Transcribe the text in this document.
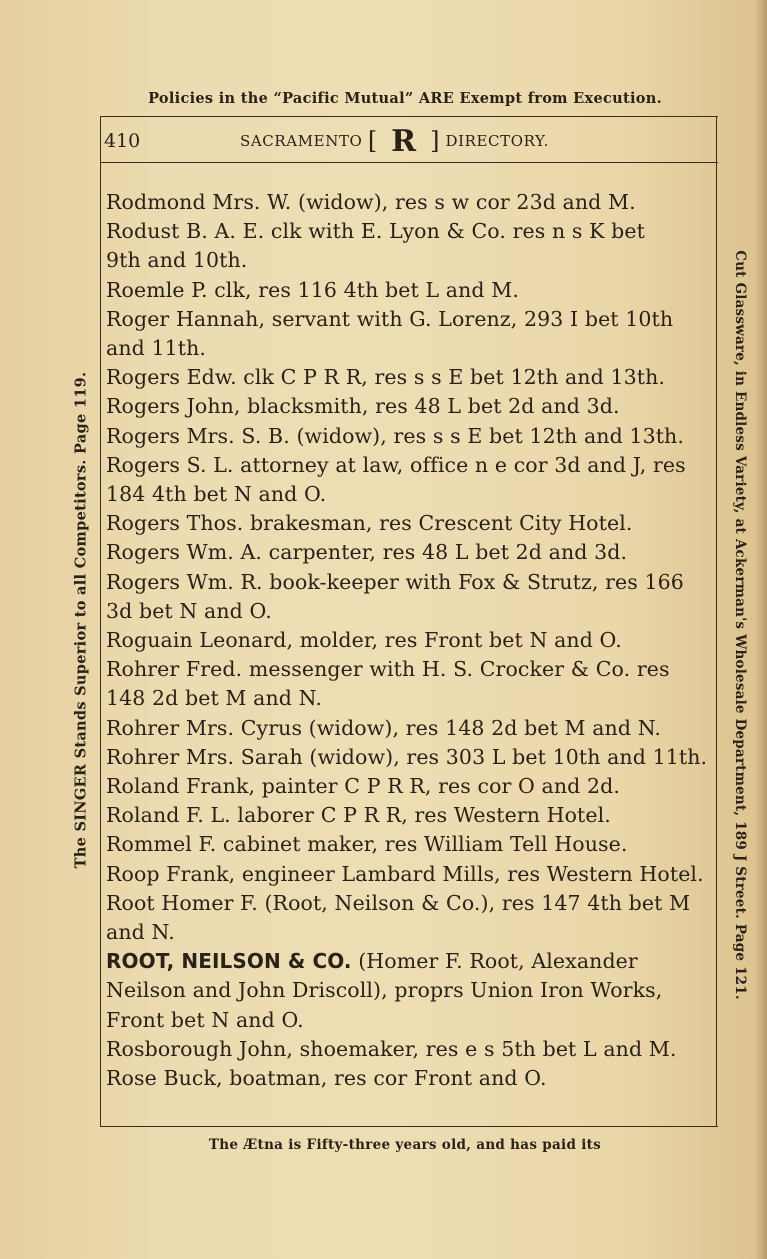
Policies in the “Pacific Mutual” ARE Exempt from Execution.
The SINGER Stands Superior to all Competitors. Page 119.	Cut Glassware, in Endless Variety, at Ackerman's Wholesale Department, 189 J Street. Page 121.
410	SACRAMENTO [ R ] DIRECTORY.
Rodmond Mrs. W. (widow), res s w cor 23d and M.
Rodust B. A. E. clk with E. Lyon & Co. res n s K bet
9th and 10th.
Roemle P. clk, res 116 4th bet L and M.
Roger Hannah, servant with G. Lorenz, 293 I bet 10th
and 11th.
Rogers Edw. clk C P R R, res s s E bet 12th and 13th.
Rogers John, blacksmith, res 48 L bet 2d and 3d.
Rogers Mrs. S. B. (widow), res s s E bet 12th and 13th.
Rogers S. L. attorney at law, office n e cor 3d and J, res
184 4th bet N and O.
Rogers Thos. brakesman, res Crescent City Hotel.
Rogers Wm. A. carpenter, res 48 L bet 2d and 3d.
Rogers Wm. R. book-keeper with Fox & Strutz, res 166
3d bet N and O.
Roguain Leonard, molder, res Front bet N and O.
Rohrer Fred. messenger with H. S. Crocker & Co. res
148 2d bet M and N.
Rohrer Mrs. Cyrus (widow), res 148 2d bet M and N.
Rohrer Mrs. Sarah (widow), res 303 L bet 10th and 11th.
Roland Frank, painter C P R R, res cor O and 2d.
Roland F. L. laborer C P R R, res Western Hotel.
Rommel F. cabinet maker, res William Tell House.
Roop Frank, engineer Lambard Mills, res Western Hotel.
Root Homer F. (Root, Neilson & Co.), res 147 4th bet M
and N.
ROOT, NEILSON & CO. (Homer F. Root, Alexander
Neilson and John Driscoll), proprs Union Iron Works,
Front bet N and O.
Rosborough John, shoemaker, res e s 5th bet L and M.
Rose Buck, boatman, res cor Front and O.
The Ætna is Fifty-three years old, and has paid its
